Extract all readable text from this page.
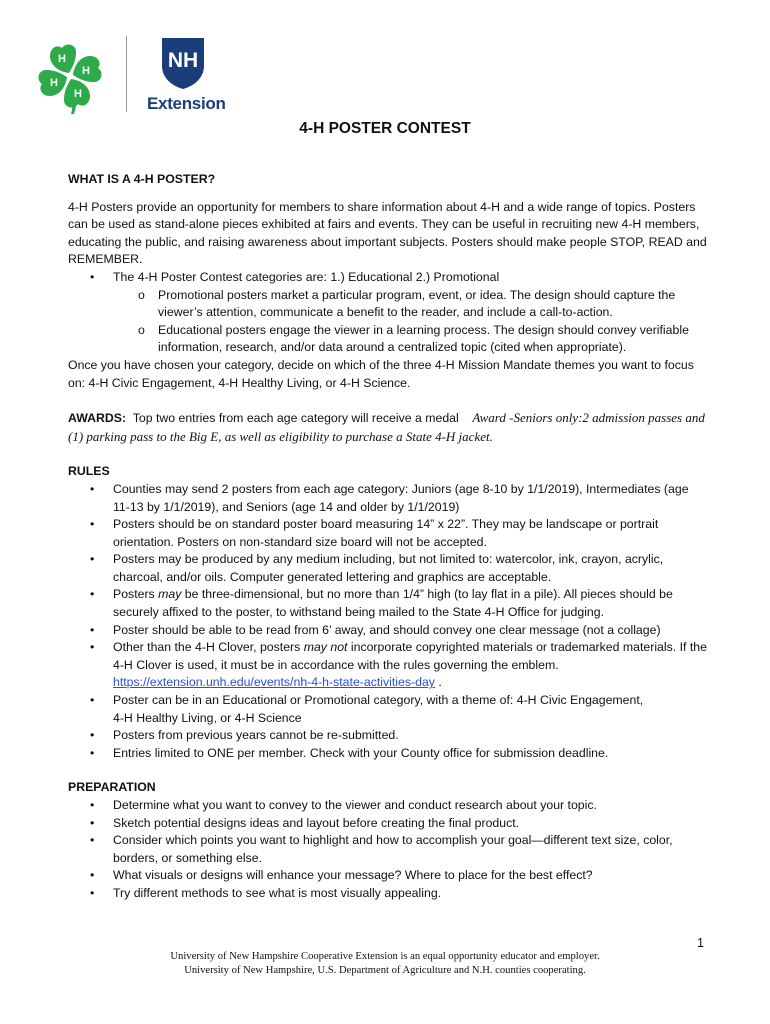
H
H
H
H
NH
Extension
4-H POSTER CONTEST

WHAT IS A 4-H POSTER?

4-H Posters provide an opportunity for members to share information about 4-H and a wide range of topics. Posters can be used as stand-alone pieces exhibited at fairs and events. They can be useful in recruiting new 4-H members, educating the public, and raising awareness about important subjects. Posters should make people STOP, READ and REMEMBER.

• The 4-H Poster Contest categories are: 1.) Educational 2.) Promotional
o Promotional posters market a particular program, event, or idea. The design should capture the viewer’s attention, communicate a benefit to the reader, and include a call-to-action.
o Educational posters engage the viewer in a learning process. The design should convey verifiable information, research, and/or data around a centralized topic (cited when appropriate).

Once you have chosen your category, decide on which of the three 4-H Mission Mandate themes you want to focus on: 4-H Civic Engagement, 4-H Healthy Living, or 4-H Science.

AWARDS: Top two entries from each age category will receive a medal Award -Seniors only:2 admission passes and (1) parking pass to the Big E, as well as eligibility to purchase a State 4-H jacket.

RULES

• Counties may send 2 posters from each age category: Juniors (age 8-10 by 1/1/2019), Intermediates (age 11-13 by 1/1/2019), and Seniors (age 14 and older by 1/1/2019)
• Posters should be on standard poster board measuring 14” x 22”. They may be landscape or portrait orientation. Posters on non-standard size board will not be accepted.
• Posters may be produced by any medium including, but not limited to: watercolor, ink, crayon, acrylic, charcoal, and/or oils. Computer generated lettering and graphics are acceptable.
• Posters may be three-dimensional, but no more than 1/4” high (to lay flat in a pile). All pieces should be securely affixed to the poster, to withstand being mailed to the State 4-H Office for judging.
• Poster should be able to be read from 6’ away, and should convey one clear message (not a collage)
• Other than the 4-H Clover, posters may not incorporate copyrighted materials or trademarked materials. If the 4-H Clover is used, it must be in accordance with the rules governing the emblem.
https://extension.unh.edu/events/nh-4-h-state-activities-day .
• Poster can be in an Educational or Promotional category, with a theme of: 4-H Civic Engagement,
4-H Healthy Living, or 4-H Science
• Posters from previous years cannot be re-submitted.
• Entries limited to ONE per member. Check with your County office for submission deadline.

PREPARATION

• Determine what you want to convey to the viewer and conduct research about your topic.
• Sketch potential designs ideas and layout before creating the final product.
• Consider which points you want to highlight and how to accomplish your goal—different text size, color, borders, or something else.
• What visuals or designs will enhance your message? Where to place for the best effect?
• Try different methods to see what is most visually appealing.
1
University of New Hampshire Cooperative Extension is an equal opportunity educator and employer.
University of New Hampshire, U.S. Department of Agriculture and N.H. counties cooperating.
